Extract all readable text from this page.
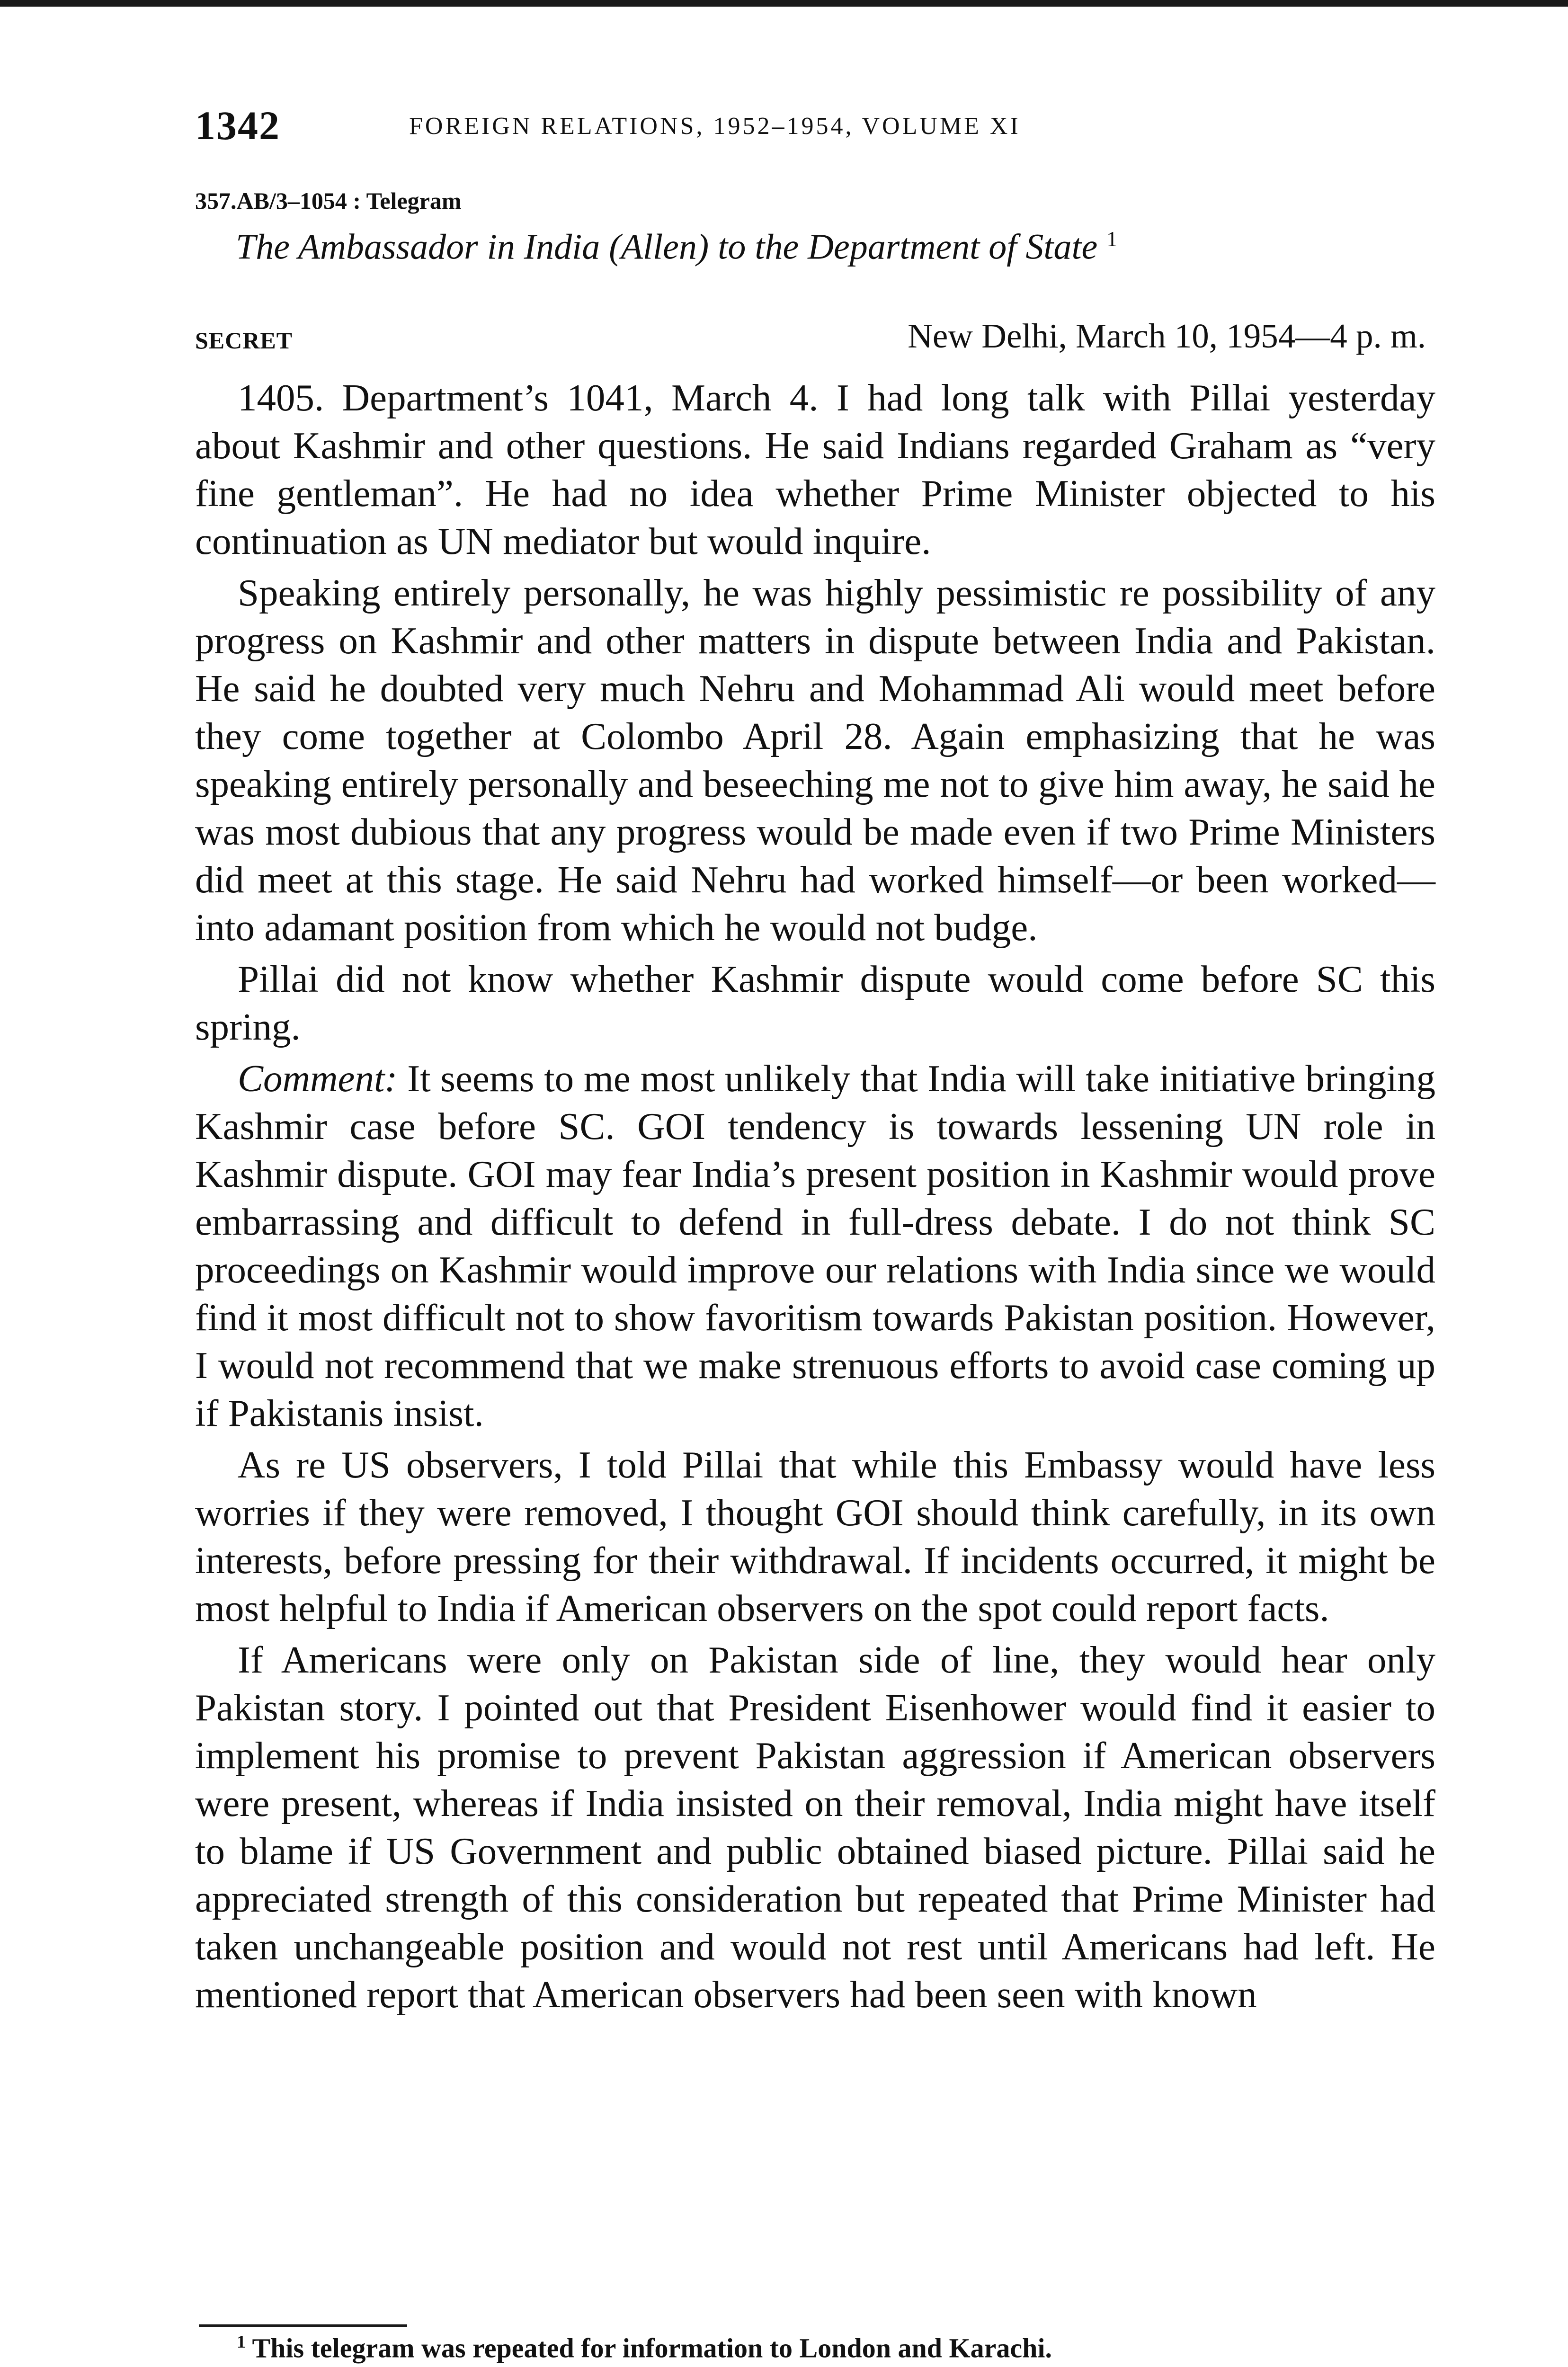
1342	FOREIGN RELATIONS, 1952–1954, VOLUME XI
357.AB/3–1054 : Telegram
The Ambassador in India (Allen) to the Department of State $^1$
SECRET	New Delhi, March 10, 1954—4 p. m.

1405. Department’s 1041, March 4. I had long talk with Pillai yesterday about Kashmir and other questions. He said Indians regarded Graham as “very fine gentleman”. He had no idea whether Prime Minister objected to his continuation as UN mediator but would inquire.

Speaking entirely personally, he was highly pessimistic re possibility of any progress on Kashmir and other matters in dispute between India and Pakistan. He said he doubted very much Nehru and Mohammad Ali would meet before they come together at Colombo April 28. Again emphasizing that he was speaking entirely personally and beseeching me not to give him away, he said he was most dubious that any progress would be made even if two Prime Ministers did meet at this stage. He said Nehru had worked himself—or been worked—into adamant position from which he would not budge.

Pillai did not know whether Kashmir dispute would come before SC this spring.

Comment: It seems to me most unlikely that India will take initiative bringing Kashmir case before SC. GOI tendency is towards lessening UN role in Kashmir dispute. GOI may fear India’s present position in Kashmir would prove embarrassing and difficult to defend in full-dress debate. I do not think SC proceedings on Kashmir would improve our relations with India since we would find it most difficult not to show favoritism towards Pakistan position. However, I would not recommend that we make strenuous efforts to avoid case coming up if Pakistanis insist.

As re US observers, I told Pillai that while this Embassy would have less worries if they were removed, I thought GOI should think carefully, in its own interests, before pressing for their withdrawal. If incidents occurred, it might be most helpful to India if American observers on the spot could report facts.

If Americans were only on Pakistan side of line, they would hear only Pakistan story. I pointed out that President Eisenhower would find it easier to implement his promise to prevent Pakistan aggression if American observers were present, whereas if India insisted on their removal, India might have itself to blame if US Government and public obtained biased picture. Pillai said he appreciated strength of this consideration but repeated that Prime Minister had taken unchangeable position and would not rest until Americans had left. He mentioned report that American observers had been seen with known

$^1$ This telegram was repeated for information to London and Karachi.
